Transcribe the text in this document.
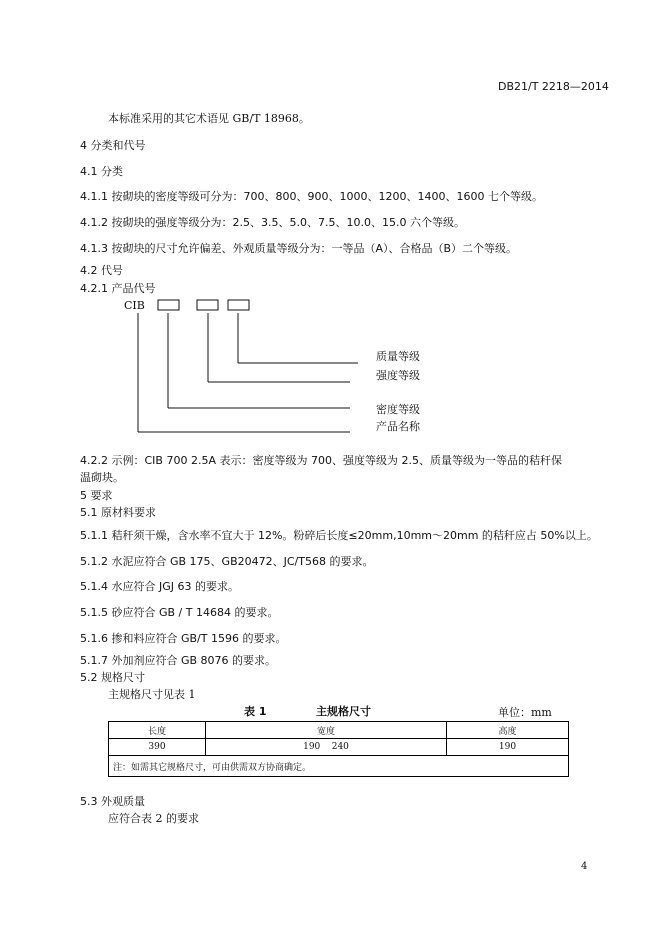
DB21/T 2218—2014
本标准采用的其它术语见 GB/T 18968。
4 分类和代号
4.1 分类
4.1.1 按砌块的密度等级可分为：700、800、900、1000、1200、1400、1600 七个等级。
4.1.2 按砌块的强度等级分为：2.5、3.5、5.0、7.5、10.0、15.0 六个等级。
4.1.3 按砌块的尺寸允许偏差、外观质量等级分为：一等品（A）、合格品（B）二个等级。
4.2 代号
4.2.1 产品代号
CIB
质量等级
强度等级
密度等级
产品名称
4.2.2 示例：CIB 700 2.5A 表示：密度等级为 700、强度等级为 2.5、质量等级为一等品的秸秆保
温砌块。
5 要求
5.1 原材料要求
5.1.1 秸秆须干燥，含水率不宜大于 12%。粉碎后长度≤20mm,10mm～20mm 的秸秆应占 50%以上。
5.1.2 水泥应符合 GB 175、GB20472、JC/T568 的要求。
5.1.4 水应符合 JGJ 63 的要求。
5.1.5 砂应符合 GB / T 14684 的要求。
5.1.6 掺和料应符合 GB/T 1596 的要求。
5.1.7 外加剂应符合 GB 8076 的要求。
5.2 规格尺寸
主规格尺寸见表 1
表 1	主规格尺寸	单位：mm
长度	宽度	高度
390	190    240	190
注：如需其它规格尺寸，可由供需双方协商确定。		
5.3 外观质量
应符合表 2 的要求
4
